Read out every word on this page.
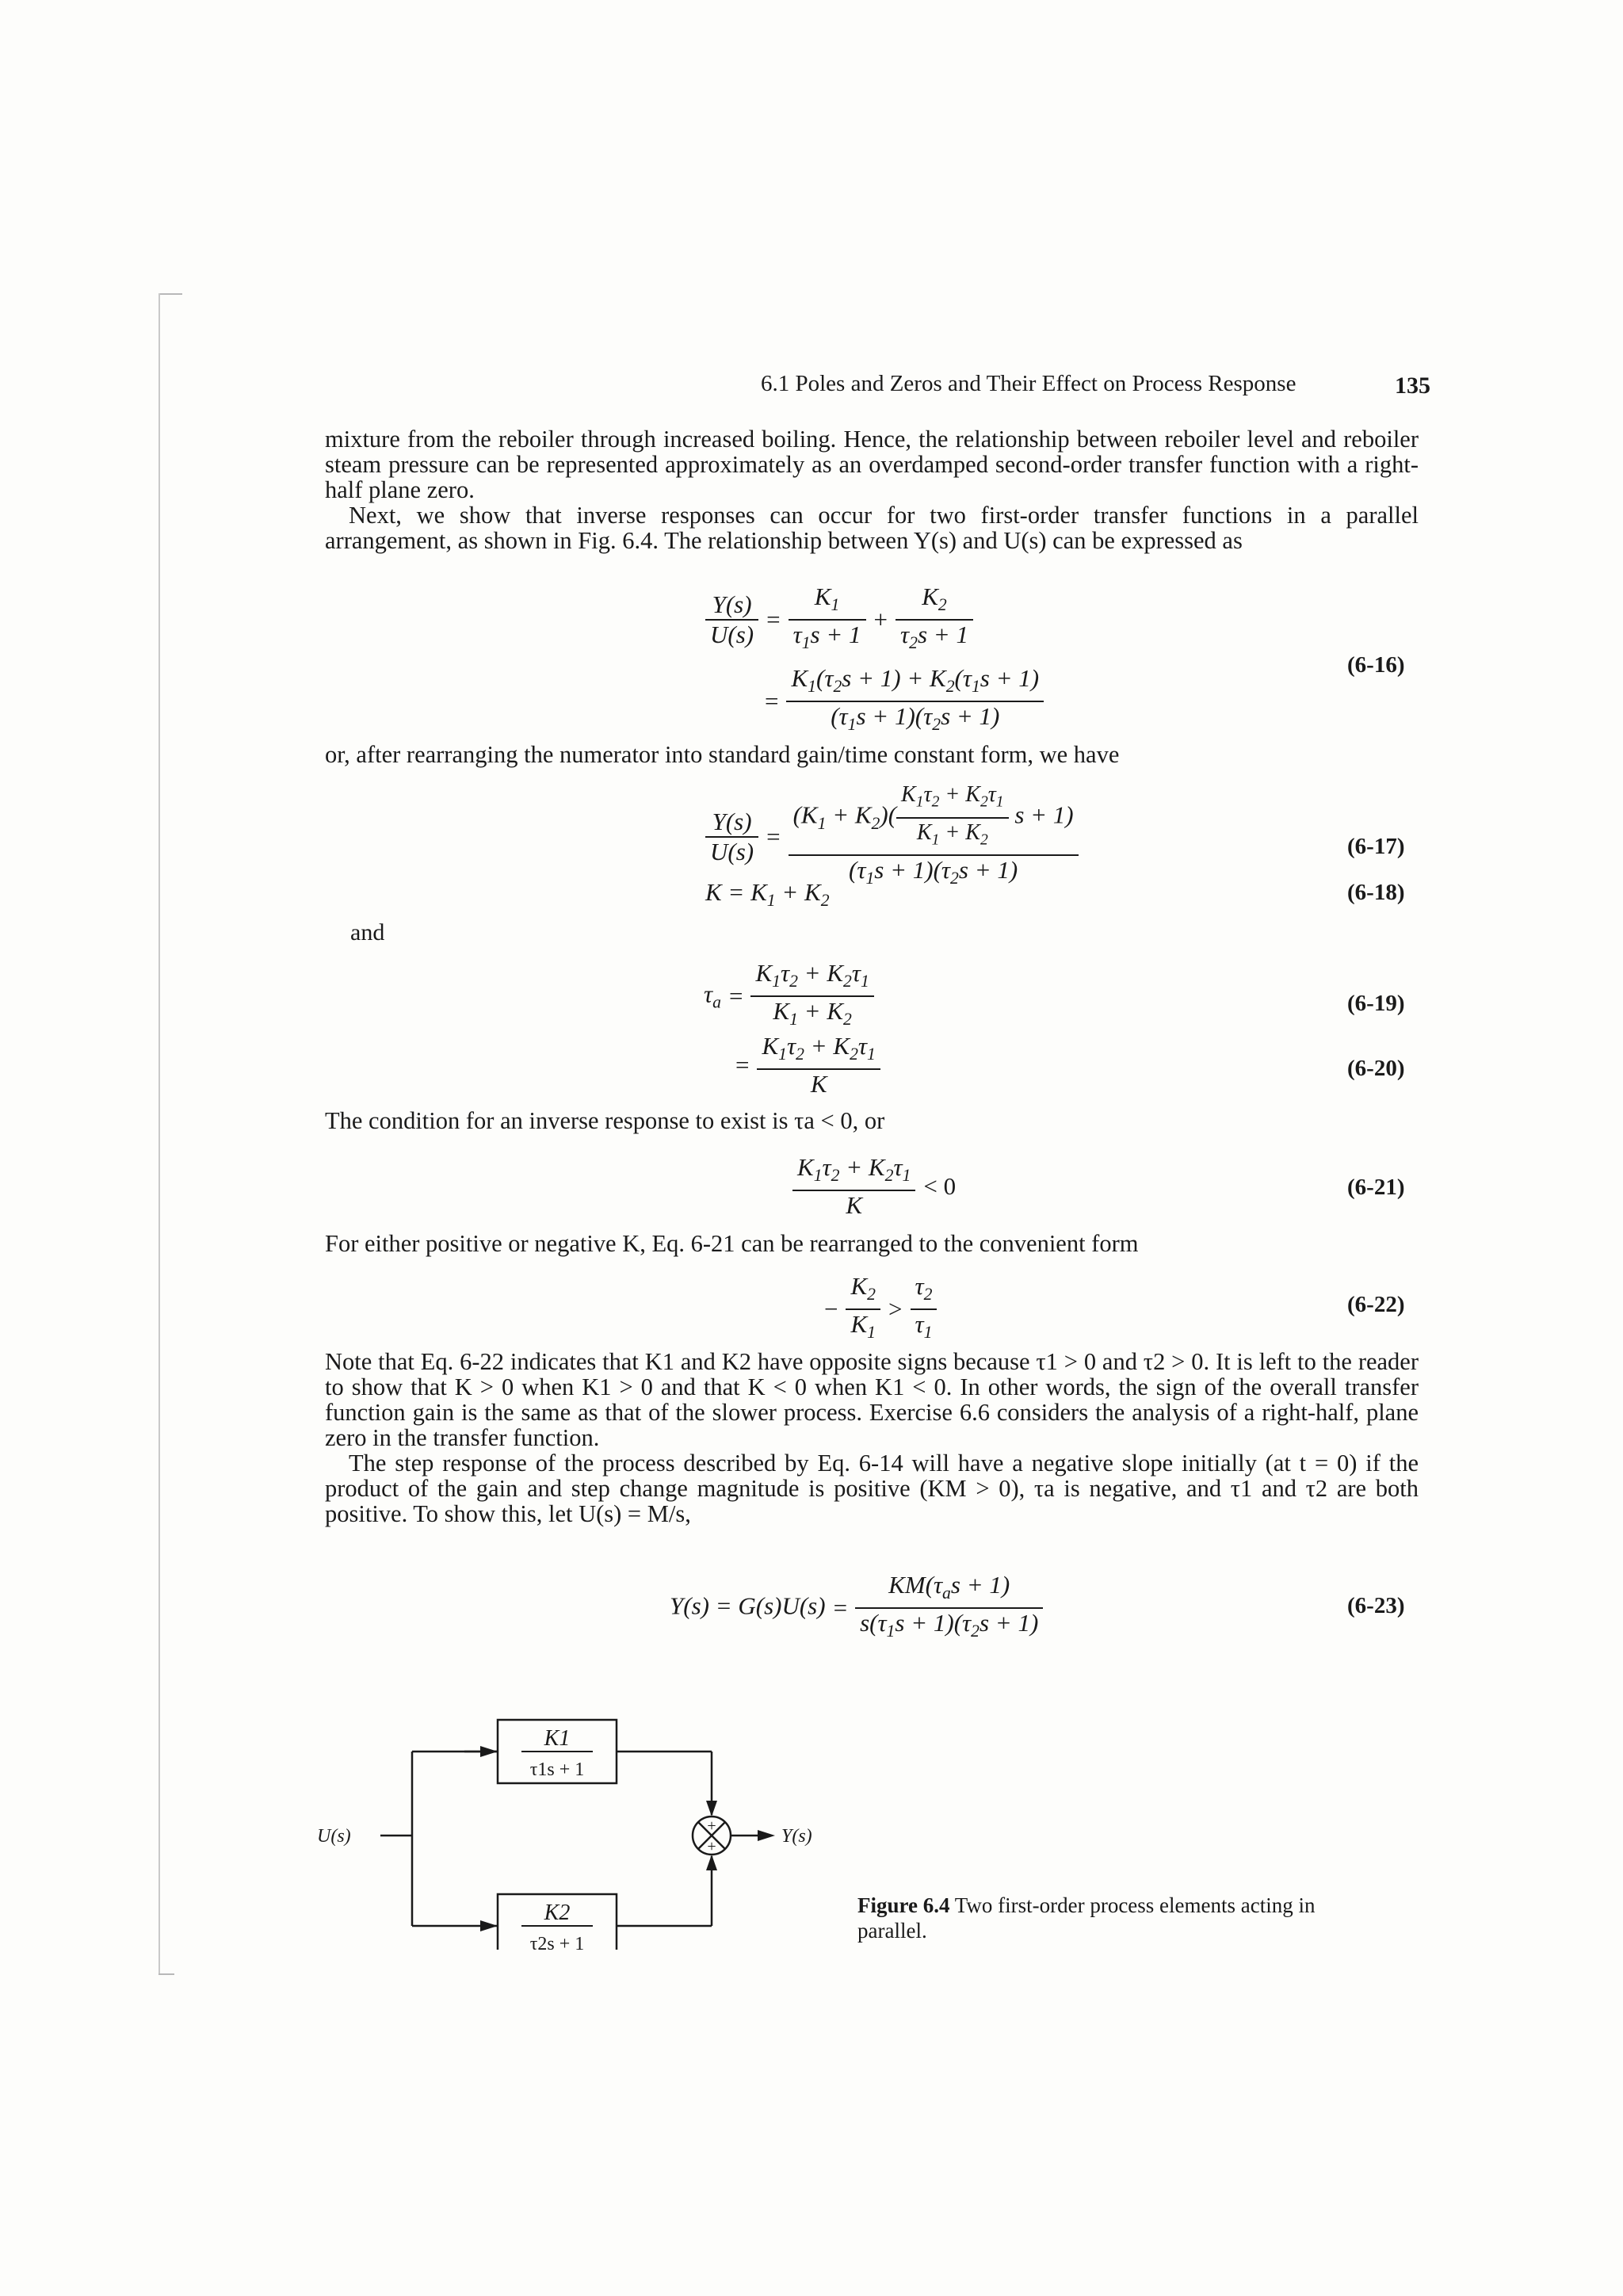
6.1 Poles and Zeros and Their Effect on Process Response	135

mixture from the reboiler through increased boiling. Hence, the relationship between reboiler level and reboiler steam pressure can be represented approximately as an overdamped second-order transfer function with a right-half plane zero.

Next, we show that inverse responses can occur for two first-order transfer functions in a parallel arrangement, as shown in Fig. 6.4. The relationship between Y(s) and U(s) can be expressed as

$\frac{Y(s)}{U(s)} = \frac{K_1}{\tau_1s + 1} + \frac{K_2}{\tau_2s + 1}$
= $\frac{K_1(\tau_2s + 1) + K_2(\tau_1s + 1)}{(\tau_1s + 1)(\tau_2s + 1)}$	(6-16)

or, after rearranging the numerator into standard gain/time constant form, we have

$\frac{Y(s)}{U(s)} = \frac{(K_1 + K_2)( \frac{K_1\tau_2 + K_2\tau_1}{K_1 + K_2} s + 1)}{(\tau_1s + 1)(\tau_2s + 1)}$	(6-17)
$K = K_1 + K_2$	(6-18)
and
$\tau_a = \frac{K_1\tau_2 + K_2\tau_1}{K_1 + K_2}$	(6-19)
= $\frac{K_1\tau_2 + K_2\tau_1}{K}$	(6-20)

The condition for an inverse response to exist is τa < 0, or

$\frac{K_1\tau_2 + K_2\tau_1}{K} < 0$	(6-21)

For either positive or negative K, Eq. 6-21 can be rearranged to the convenient form

− $\frac{K_2}{K_1} > \frac{\tau_2}{\tau_1}$	(6-22)

Note that Eq. 6-22 indicates that K1 and K2 have opposite signs because τ1 > 0 and τ2 > 0. It is left to the reader to show that K > 0 when K1 > 0 and that K < 0 when K1 < 0. In other words, the sign of the overall transfer function gain is the same as that of the slower process. Exercise 6.6 considers the analysis of a right-half, plane zero in the transfer function.

The step response of the process described by Eq. 6-14 will have a negative slope initially (at t = 0) if the product of the gain and step change magnitude is positive (KM > 0), τa is negative, and τ1 and τ2 are both positive. To show this, let U(s) = M/s,

$Y(s) = G(s)U(s) = \frac{KM(\tau_as + 1)}{s(\tau_1s + 1)(\tau_2s + 1)}$	(6-23)
K1
τ1s + 1
K2
τ2s + 1
U(s)	Y(s)
+
+
Figure 6.4 Two first-order process elements acting in parallel.
